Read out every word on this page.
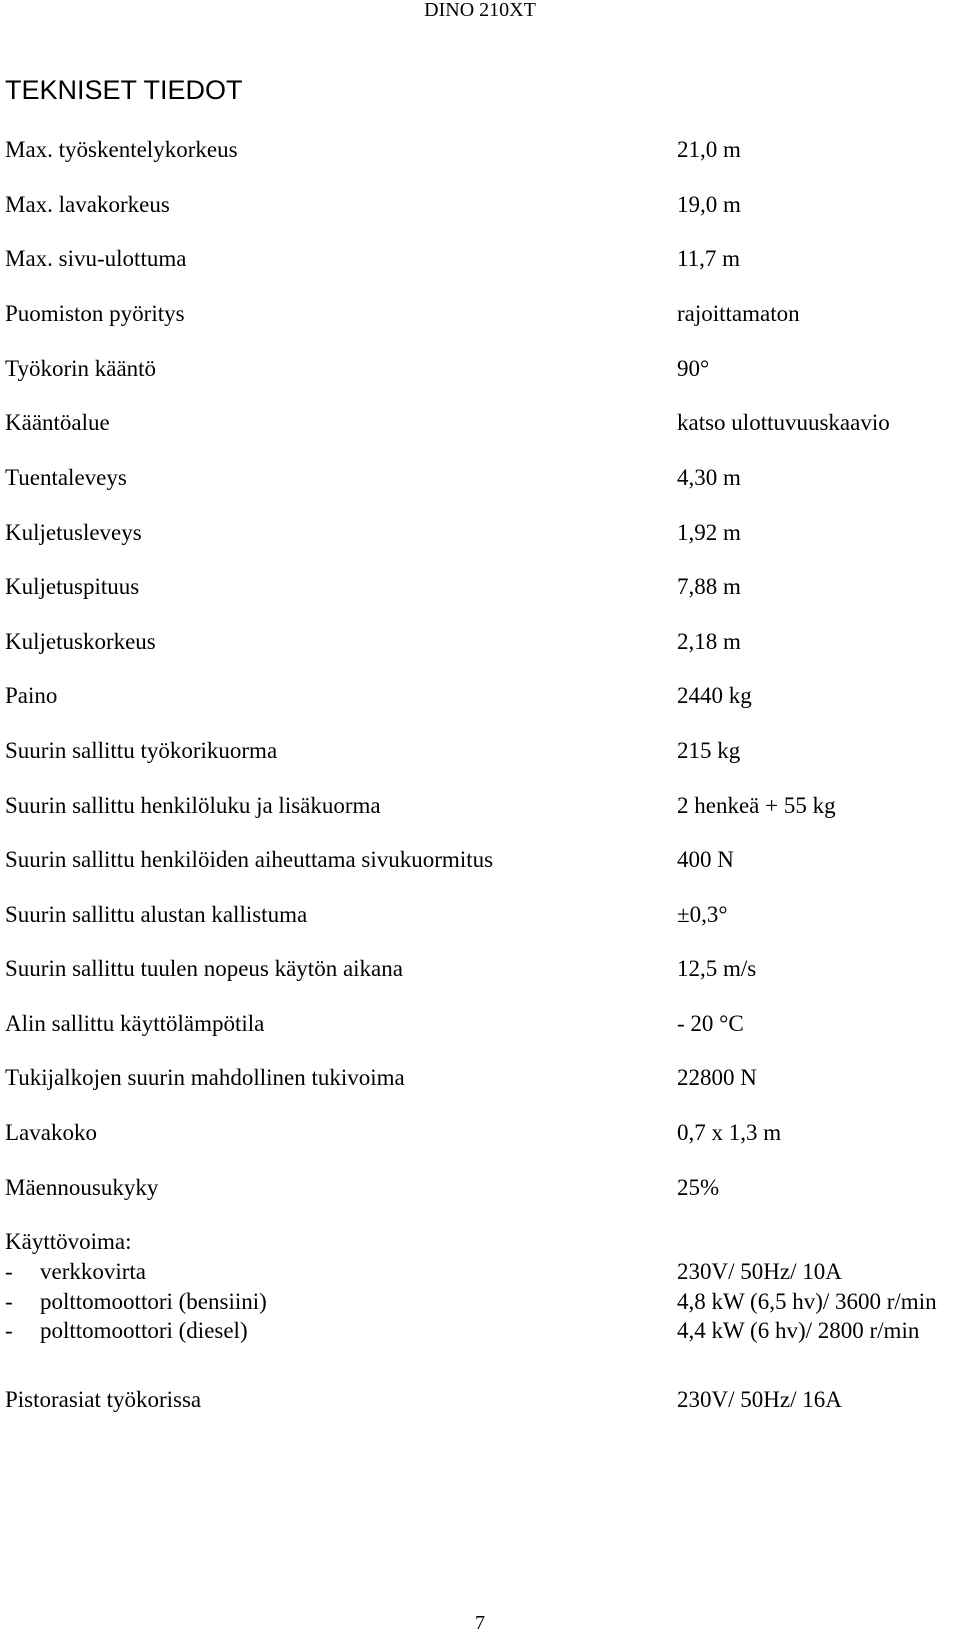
DINO 210XT
TEKNISET TIEDOT
Max. työskentelykorkeus	21,0 m
Max. lavakorkeus	19,0 m
Max. sivu-ulottuma	11,7 m
Puomiston pyöritys	rajoittamaton
Työkorin kääntö	90°
Kääntöalue	katso ulottuvuuskaavio
Tuentaleveys	4,30 m
Kuljetusleveys	1,92 m
Kuljetuspituus	7,88 m
Kuljetuskorkeus	2,18 m
Paino	2440 kg
Suurin sallittu työkorikuorma	215 kg
Suurin sallittu henkilöluku ja lisäkuorma	2 henkeä + 55 kg
Suurin sallittu henkilöiden aiheuttama sivukuormitus	400 N
Suurin sallittu alustan kallistuma	±0,3°
Suurin sallittu tuulen nopeus käytön aikana	12,5 m/s
Alin sallittu käyttölämpötila	- 20 °C
Tukijalkojen suurin mahdollinen tukivoima	22800 N
Lavakoko	0,7 x 1,3 m
Mäennousukyky	25%
Käyttövoima:
- verkkovirta	230V/ 50Hz/ 10A
- polttomoottori (bensiini)	4,8 kW (6,5 hv)/ 3600 r/min
- polttomoottori (diesel)	4,4 kW (6 hv)/ 2800 r/min
Pistorasiat työkorissa	230V/ 50Hz/ 16A
7
